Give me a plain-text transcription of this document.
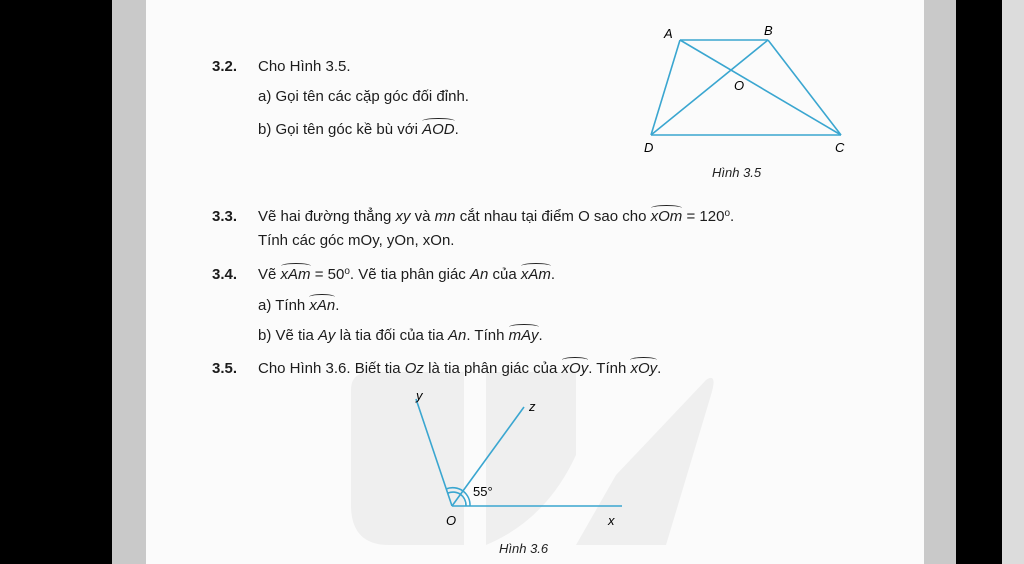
3.2. Cho Hình 3.5.
a) Gọi tên các cặp góc đối đỉnh.
b) Gọi tên góc kề bù với AOD.
A	B
O
C
D
Hình 3.5
3.3. Vẽ hai đường thẳng xy và mn cắt nhau tại điểm O sao cho xOm = $120^o$.
Tính các góc mOy, yOn, xOn.
3.4. Vẽ xAm = $50^o$. Vẽ tia phân giác An của xAm.
a) Tính xAn.
b) Vẽ tia Ay là tia đối của tia An. Tính mAy.
3.5. Cho Hình 3.6. Biết tia Oz là tia phân giác của xOy. Tính xOy.
y
z
x
O
55°
Hình 3.6
